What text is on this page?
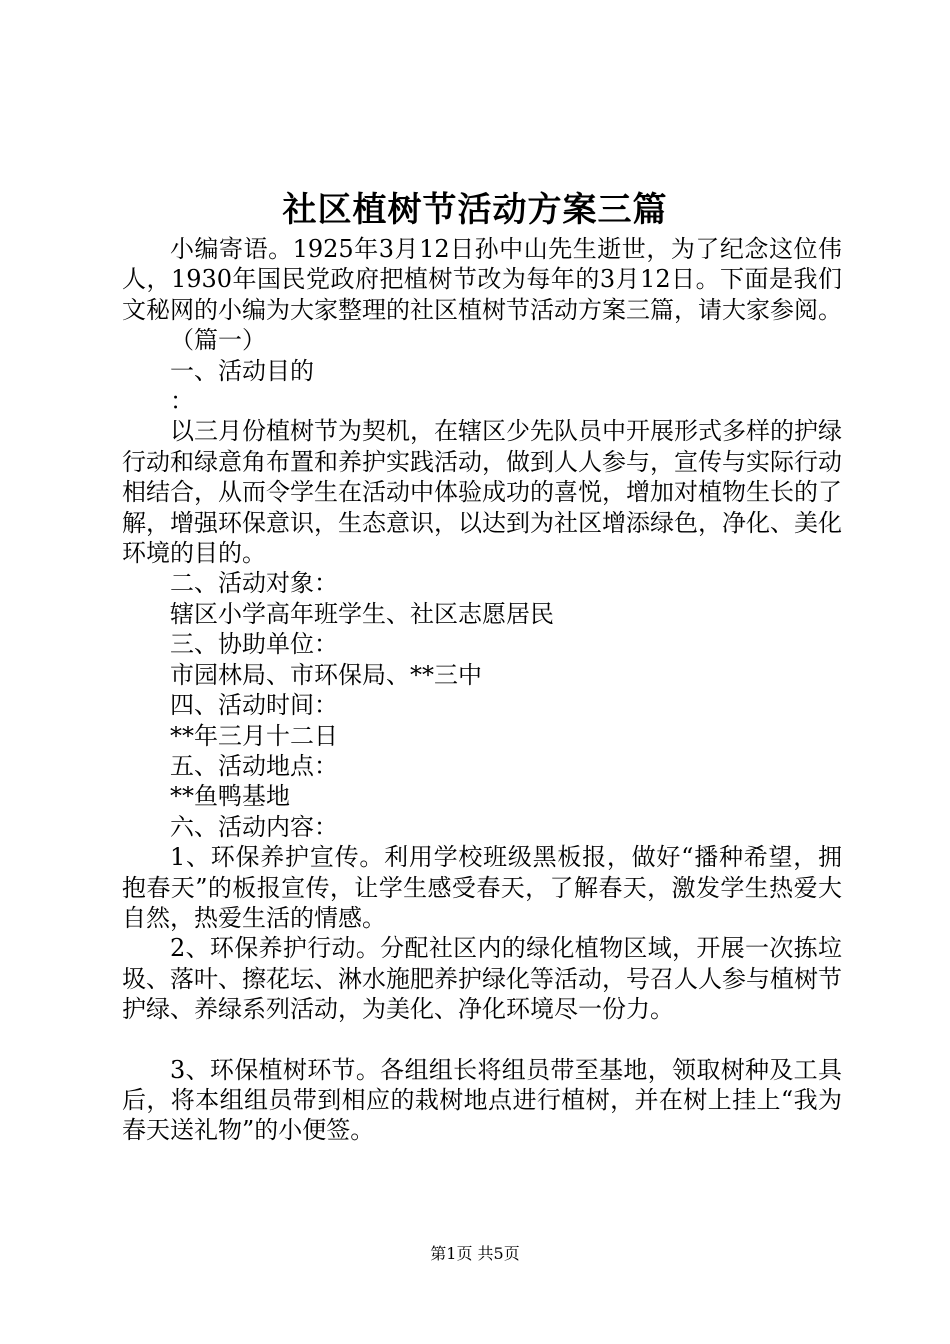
社区植树节活动方案三篇

小编寄语。1925年3月12日孙中山先生逝世，为了纪念这位伟人，1930年国民党政府把植树节改为每年的3月12日。下面是我们文秘网的小编为大家整理的社区植树节活动方案三篇，请大家参阅。

（篇一）

一、活动目的

：

以三月份植树节为契机，在辖区少先队员中开展形式多样的护绿行动和绿意角布置和养护实践活动，做到人人参与，宣传与实际行动相结合，从而令学生在活动中体验成功的喜悦，增加对植物生长的了解，增强环保意识，生态意识，以达到为社区增添绿色，净化、美化环境的目的。

二、活动对象：

辖区小学高年班学生、社区志愿居民

三、协助单位：

市园林局、市环保局、**三中

四、活动时间：

**年三月十二日

五、活动地点：

**鱼鸭基地

六、活动内容：

1、环保养护宣传。利用学校班级黑板报，做好“播种希望，拥抱春天”的板报宣传，让学生感受春天，了解春天，激发学生热爱大自然，热爱生活的情感。

2、环保养护行动。分配社区内的绿化植物区域，开展一次拣垃圾、落叶、擦花坛、淋水施肥养护绿化等活动，号召人人参与植树节护绿、养绿系列活动，为美化、净化环境尽一份力。

3、环保植树环节。各组组长将组员带至基地，领取树种及工具后，将本组组员带到相应的栽树地点进行植树，并在树上挂上“我为春天送礼物”的小便签。

第1页 共5页
